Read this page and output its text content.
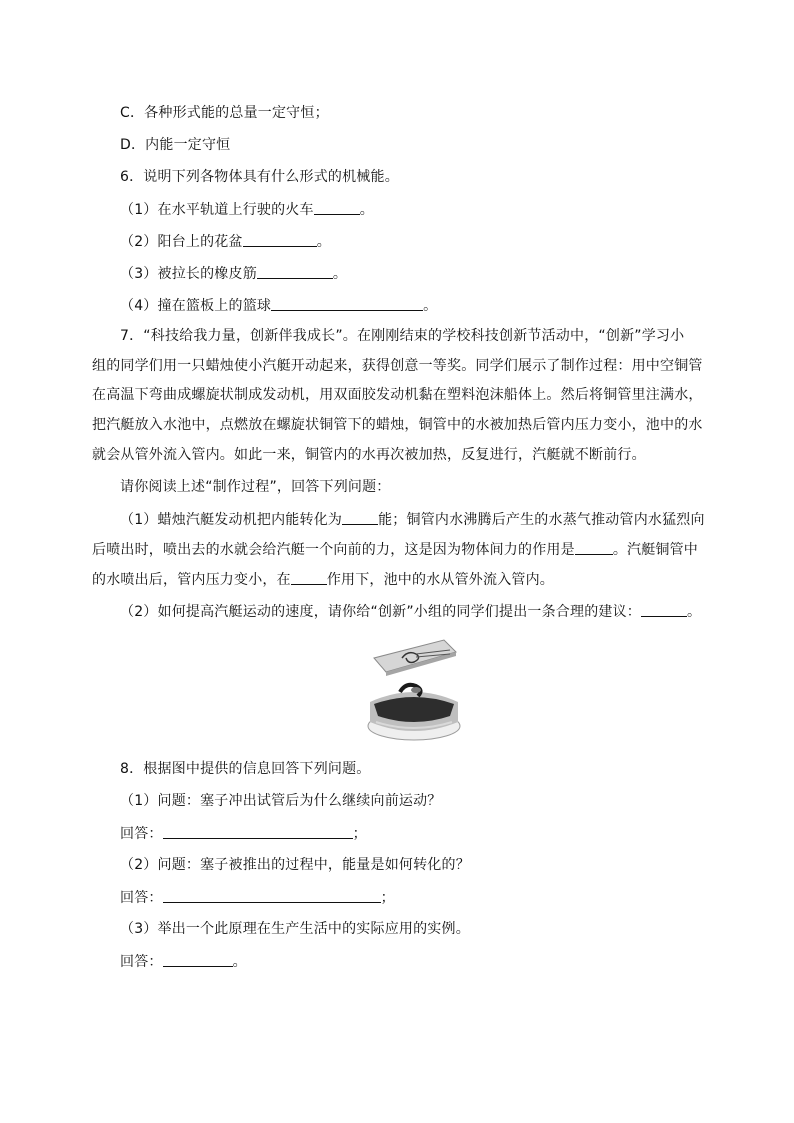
C．各种形式能的总量一定守恒；
D．内能一定守恒
6．说明下列各物体具有什么形式的机械能。
（1）在水平轨道上行驶的火车	。
（2）阳台上的花盆	。
（3）被拉长的橡皮筋	。
（4）撞在篮板上的篮球	。
7．“科技给我力量，创新伴我成长”。在刚刚结束的学校科技创新节活动中，“创新”学习小
组的同学们用一只蜡烛使小汽艇开动起来，获得创意一等奖。同学们展示了制作过程：用中空铜管
在高温下弯曲成螺旋状制成发动机，用双面胶发动机黏在塑料泡沫船体上。然后将铜管里注满水，
把汽艇放入水池中，点燃放在螺旋状铜管下的蜡烛，铜管中的水被加热后管内压力变小，池中的水
就会从管外流入管内。如此一来，铜管内的水再次被加热，反复进行，汽艇就不断前行。
请你阅读上述“制作过程”，回答下列问题：
（1）蜡烛汽艇发动机把内能转化为	能；铜管内水沸腾后产生的水蒸气推动管内水猛烈向
后喷出时，喷出去的水就会给汽艇一个向前的力，这是因为物体间力的作用是	。汽艇铜管中
的水喷出后，管内压力变小，在	作用下，池中的水从管外流入管内。
（2）如何提高汽艇运动的速度，请你给“创新”小组的同学们提出一条合理的建议：	。
8．根据图中提供的信息回答下列问题。
（1）问题：塞子冲出试管后为什么继续向前运动？
回答：	；
（2）问题：塞子被推出的过程中，能量是如何转化的？
回答：	；
（3）举出一个此原理在生产生活中的实际应用的实例。
回答：	。
